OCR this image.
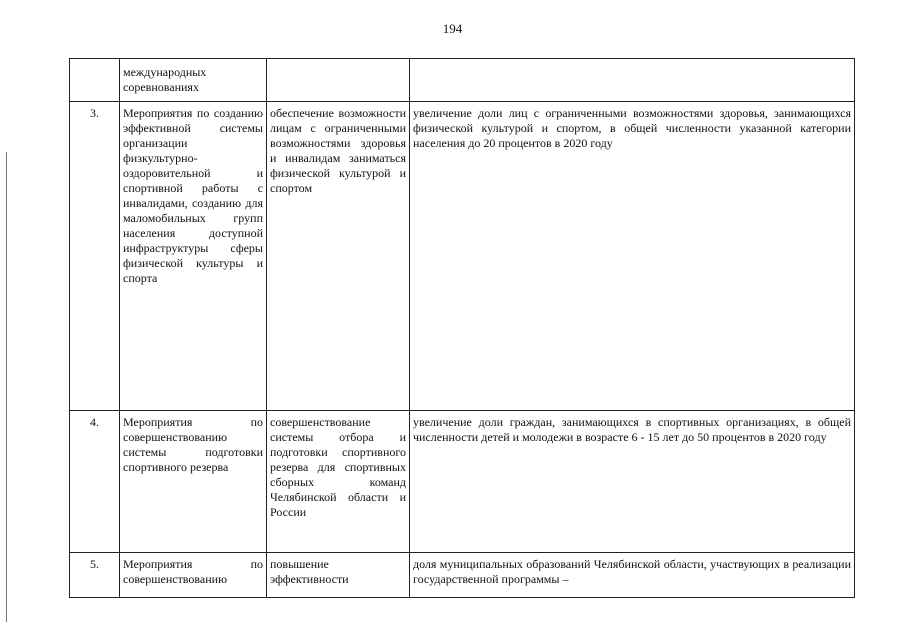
194

	международных
соревнованиях		

3.	Мероприятия по созданию эффективной системы организации физкультурно-оздоровительной и спортивной работы с инвалидами, созданию для маломобильных групп населения доступной инфраструктуры сферы физической культуры и спорта	обеспечение возможности лицам с ограниченными возможностями здоровья и инвалидам заниматься физической культурой и спортом	увеличение доли лиц с ограниченными возможностями здоровья, занимающихся физической культурой и спортом, в общей численности указанной категории населения до 20 процентов в 2020 году
4.	Мероприятия по совершенствованию системы подготовки спортивного резерва	совершенствование системы отбора и подготовки спортивного резерва для спортивных сборных команд Челябинской области и России	увеличение доли граждан, занимающихся в спортивных организациях, в общей численности детей и молодежи в возрасте 6 - 15 лет до 50 процентов в 2020 году
5.	Мероприятия по совершенствованию	повышение эффективности	доля муниципальных образований Челябинской области, участвующих в реализации государственной программы –
